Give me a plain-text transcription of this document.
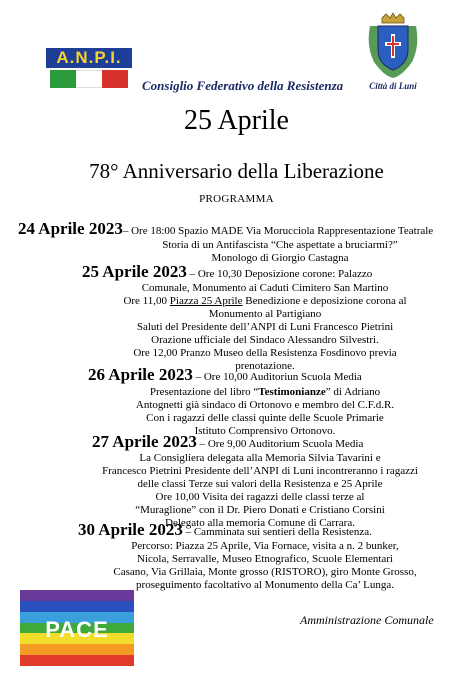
A.N.P.I.
Città di Luni
Consiglio Federativo della Resistenza
25 Aprile
78° Anniversario della Liberazione
PROGRAMMA
24 Aprile 2023– Ore 18:00 Spazio MADE Via Morucciola Rappresentazione Teatrale
Storia di un Antifascista “Che aspettate a bruciarmi?”
Monologo di Giorgio Castagna
25 Aprile 2023 – Ore 10,30 Deposizione corone: Palazzo
Comunale, Monumento ai Caduti Cimitero San Martino
Ore 11,00 Piazza 25 Aprile Benedizione e deposizione corona al
Monumento al Partigiano
Saluti del Presidente dell’ANPI di Luni Francesco Pietrini
Orazione ufficiale del Sindaco Alessandro Silvestri.
Ore 12,00 Pranzo Museo della Resistenza Fosdinovo previa
prenotazione.
26 Aprile 2023 – Ore 10,00 Auditoriun Scuola Media
Presentazione del libro “Testimonianze” di Adriano
Antognetti già sindaco di Ortonovo e membro del C.F.d.R.
Con i ragazzi delle classi quinte delle Scuole Primarie
Istituto Comprensivo Ortonovo.
27 Aprile 2023 – Ore 9,00 Auditorium Scuola Media
La Consigliera delegata alla Memoria Silvia Tavarini e
Francesco Pietrini Presidente dell’ANPI di Luni incontreranno i ragazzi
delle classi Terze sui valori della Resistenza e 25 Aprile
Ore 10,00 Visita dei ragazzi delle classi terze al
“Muraglione” con il Dr. Piero Donati e Cristiano Corsini
Delegato alla memoria Comune di Carrara.
30 Aprile 2023 – Camminata sui sentieri della Resistenza.
Percorso: Piazza 25 Aprile, Via Fornace, visita a n. 2 bunker,
Nicola, Serravalle, Museo Etnografico, Scuole Elementari
Casano, Via Grillaia, Monte grosso (RISTORO), giro Monte Grosso,
proseguimento facoltativo al Monumento della Ca’ Lunga.
PACE	Amministrazione Comunale
